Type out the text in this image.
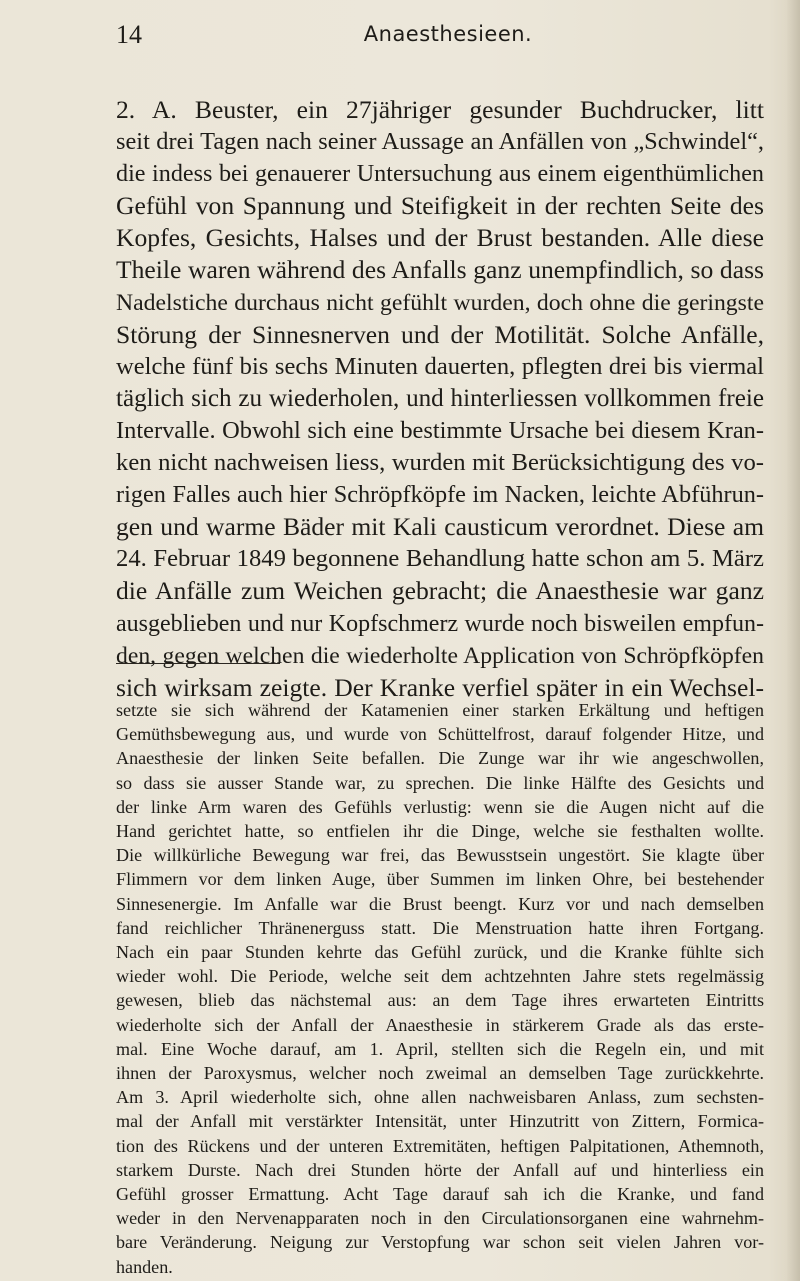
14	Anaesthesieen.
2. A. Beuster, ein 27jähriger gesunder Buchdrucker, litt
seit drei Tagen nach seiner Aussage an Anfällen von „Schwindel“,
die indess bei genauerer Untersuchung aus einem eigenthümlichen
Gefühl von Spannung und Steifigkeit in der rechten Seite des
Kopfes, Gesichts, Halses und der Brust bestanden. Alle diese
Theile waren während des Anfalls ganz unempfindlich, so dass
Nadelstiche durchaus nicht gefühlt wurden, doch ohne die geringste
Störung der Sinnesnerven und der Motilität. Solche Anfälle,
welche fünf bis sechs Minuten dauerten, pflegten drei bis viermal
täglich sich zu wiederholen, und hinterliessen vollkommen freie
Intervalle. Obwohl sich eine bestimmte Ursache bei diesem Kran-
ken nicht nachweisen liess, wurden mit Berücksichtigung des vo-
rigen Falles auch hier Schröpfköpfe im Nacken, leichte Abführun-
gen und warme Bäder mit Kali causticum verordnet. Diese am
24. Februar 1849 begonnene Behandlung hatte schon am 5. März
die Anfälle zum Weichen gebracht; die Anaesthesie war ganz
ausgeblieben und nur Kopfschmerz wurde noch bisweilen empfun-
den, gegen welchen die wiederholte Application von Schröpfköpfen
sich wirksam zeigte. Der Kranke verfiel später in ein Wechsel-
setzte sie sich während der Katamenien einer starken Erkältung und heftigen
Gemüthsbewegung aus, und wurde von Schüttelfrost, darauf folgender Hitze, und
Anaesthesie der linken Seite befallen. Die Zunge war ihr wie angeschwollen,
so dass sie ausser Stande war, zu sprechen. Die linke Hälfte des Gesichts und
der linke Arm waren des Gefühls verlustig: wenn sie die Augen nicht auf die
Hand gerichtet hatte, so entfielen ihr die Dinge, welche sie festhalten wollte.
Die willkürliche Bewegung war frei, das Bewusstsein ungestört. Sie klagte über
Flimmern vor dem linken Auge, über Summen im linken Ohre, bei bestehender
Sinnesenergie. Im Anfalle war die Brust beengt. Kurz vor und nach demselben
fand reichlicher Thränenerguss statt. Die Menstruation hatte ihren Fortgang.
Nach ein paar Stunden kehrte das Gefühl zurück, und die Kranke fühlte sich
wieder wohl. Die Periode, welche seit dem achtzehnten Jahre stets regelmässig
gewesen, blieb das nächstemal aus: an dem Tage ihres erwarteten Eintritts
wiederholte sich der Anfall der Anaesthesie in stärkerem Grade als das erste-
mal. Eine Woche darauf, am 1. April, stellten sich die Regeln ein, und mit
ihnen der Paroxysmus, welcher noch zweimal an demselben Tage zurückkehrte.
Am 3. April wiederholte sich, ohne allen nachweisbaren Anlass, zum sechsten-
mal der Anfall mit verstärkter Intensität, unter Hinzutritt von Zittern, Formica-
tion des Rückens und der unteren Extremitäten, heftigen Palpitationen, Athemnoth,
starkem Durste. Nach drei Stunden hörte der Anfall auf und hinterliess ein
Gefühl grosser Ermattung. Acht Tage darauf sah ich die Kranke, und fand
weder in den Nervenapparaten noch in den Circulationsorganen eine wahrnehm-
bare Veränderung. Neigung zur Verstopfung war schon seit vielen Jahren vor-
handen.
